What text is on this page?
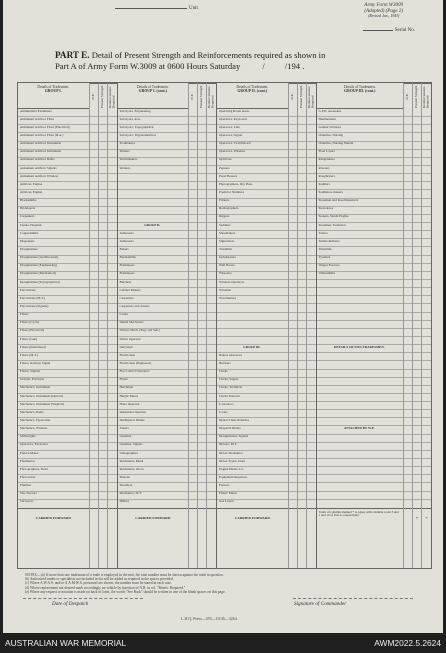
Unit
Army Form W3009
(Adapted) (Page 2)
(Revised Jan., 1943)
Serial No.
PART E. Detail of Present Strength and Reinforcements required as shown in
Part A of Army Form W.3009 at 0600 Hours Saturday	/ /194 .
Details of Tradesmen.
GROUP I.
Ammunition Examiners
Armament Artificer Fitter
Armament Artificer Fitter (Electrical)
Armament Artificer Fitter (R.A.)
Armament Artificer Instrument
Armament Artificer Instrument
Armament Artificer Radio
Armament Artificer Signals
Armament Artificer Wireless
Artificer, Engine
Artificer, Engine
Blacksmiths
Bricklayers
Carpenters
Clerks, Hospital
Coppersmiths
Dispensers
Draughtsmen
Draughtsmen (Architectural)
Draughtsmen (Engineering)
Draughtsmen (Mechanical)
Draughtsmen (Topographical)
Electricians
Electricians (M.T.)
Electricians (Signals)
Fitters
Fitters (Cycle)
Fitters (Electrical)
Fitters (Gun)
Fitters (Instrument)
Fitters (M.T.)
Fitters, Railway Signal
Fitters, Signals
Grinder, Precision
Mechanics, Instrument
Mechanics, Instrument (Optical)
Mechanics, Instrument (Surgical)
Mechanics, Radio
Mechanics, Typewriter
Mechanics, Wireless
Millwrights
Operators, Excavator
Pattern Maker
Pharmacist
Photographers, Field
Photowriter
Plumber
Saw Doctors
Surveyors
CARRIED FORWARD
W.E.	Present Strength	Reinforcements Required
Details of Tradesmen.
GROUP I. (cont.)
Surveyors, Engineering
Surveyors, R.A.
Surveyors, Topographical
Surveyors, Trigonometrical
Toolmakers
Turners
Watchmakers
Welders
GROUP II.
Armourers
Armourers
Bakers
Blacksmiths
Bricklayers
Bricklayers
Butchers
Cabinet Makers
Carpenters
Carpenters and Joiners
Cooks
Dental Mechanics
Drivers Mech. (Eng. and Veh.)
Driver Operator
Dairymen
Electricians
Electricians (Engineers)
Fire Control Operators
Fitters
Hatchmen
Height Takers
Hollo Operator
Instrument Operator
Intelligence Duties
Joiners
Linemen
Linemen, Signals
Lithographers
Machinists, Metal
Machinists, Wood
Masons
Moulders
Mechanics, M.T.
Millers
CARRIED FORWARD
W.E.	Present Strength	Reinforcements Required
Details of Tradesmen.
GROUP II. (cont.)
Operating Room Assts.
Operators, Keyboard
Operators, Line
Operators, Signal
Operators, Switchboard
Operators, Wireless
Opticians
Painters
Panel Beaters
Photographers, Dry Plate
Predictor Numbers
Printers
Radiographers
Riggers
Saddlers
Shoemakers
Signwriters
Tinsmiths
Upholsterers
Well Borers
Wheelers
Wireless Operators
Wiremen
Woodturners
GROUP III.
Bakers Operators
Butchers
Clerks
Clerks, Supply
Clerks, Technical
Clerks Telecom
Concretors
Cooks
Dental Clerk Orderlies
Despatch Riders
Draughtsmen, Signals
Drivers, M.T.
Driver Mechanics
Driver Typist, Plant
Engine Hands, I.C.
Equipment Repairers
Farriers
Fitters' Mates
Gas Layers
CARRIED FORWARD
W.E.	Present Strength	Reinforcements Required
Details of Tradesmen.
GROUP III. (cont.)
G.P.O. Assistants
Hammermen
Leather Stitchers
Orderlies, Nursing
Orderlies, Nursing Mental
Plate Layers
Rangetakers
Riveters
Roughriders
Saddlers
Saddletree makers
Storemen and Road Repairers
Stevedores
Stokers, Steam Engine
Storemen, Technical
Tailors
Textile Refiners
Tinsmiths
Tyremen
Wagon Erectors
Whitesmiths
DETAILS OF NON-TRADESMEN.
ATTACHED BY W.E.
Totals of columns marked * to agree with columns 4 and 5 and 1 and 10 of Part A, respectively.
W.E.	Present Strength
*
Reinforcements Required
*
NOTES.—(a) If more than one tradesman of a trade is employed in the unit, the total number must be shown against the trade in question.
(b) Authorized trades or specialists not included in list will be added as required in the spaces provided.
(c) Where A.W.A.S. and/or A.A.M.W.S. personnel are shown, the number must be stated in each case.
(d) Where replacement not desired mark accordingly on vehicle by insertion of N.R. in col. "Reinfs. Required."
(e) Where any request or notation is made on back of form, the words "See Back" should be written in one of the blank spaces on this page.
Date of Despatch	Signature of Commander
L.H.Q. Press—455—10/45—3264.
AUSTRALIAN WAR MEMORIAL	AWM2022.5.2624
